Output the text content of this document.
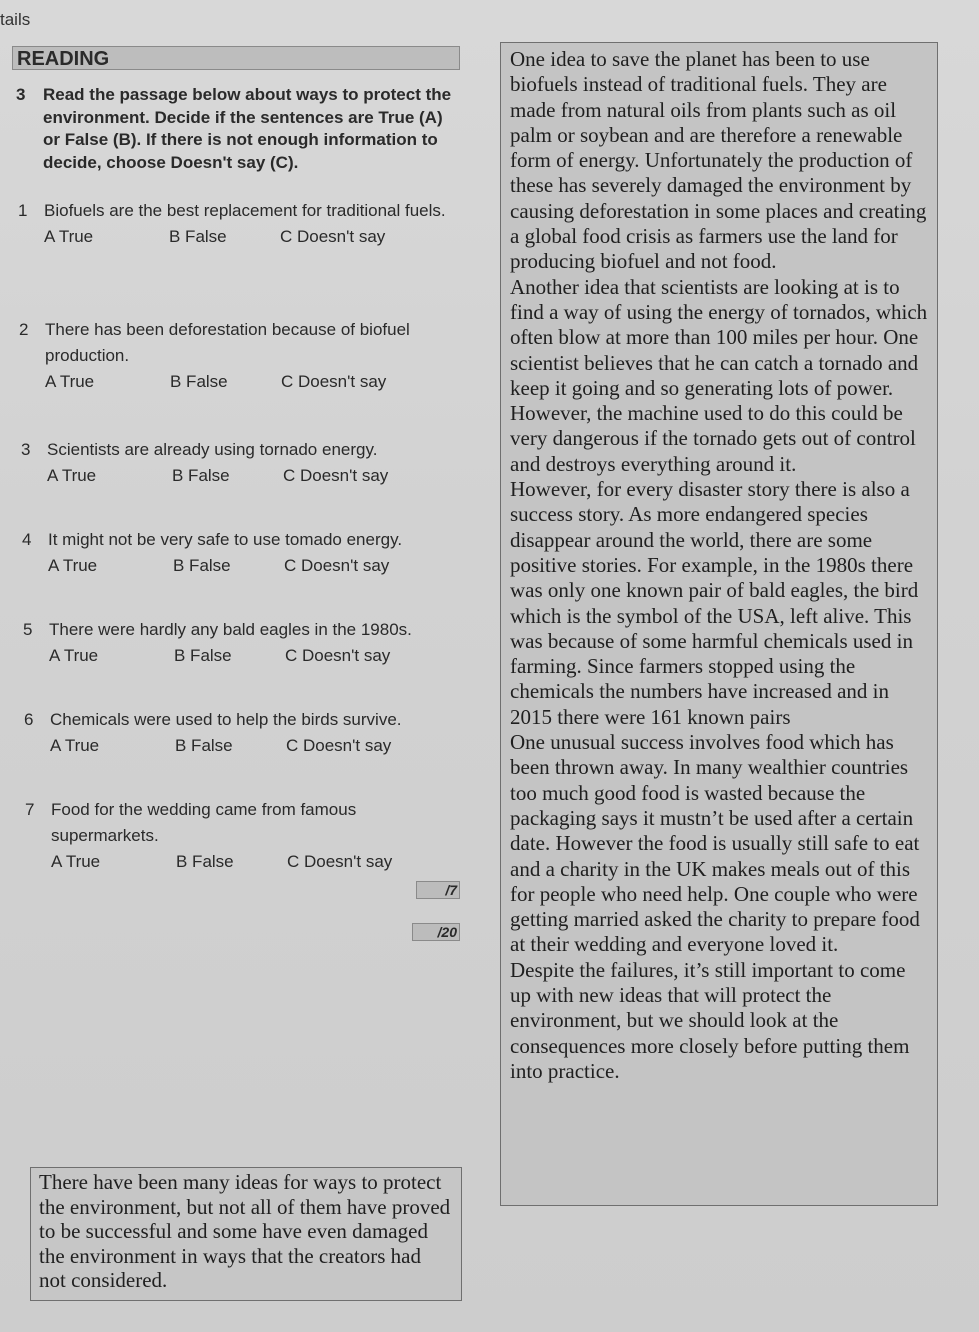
tails
READING
3 Read the passage below about ways to protect the environment. Decide if the sentences are True (A) or False (B). If there is not enough information to decide, choose Doesn't say (C).
1 Biofuels are the best replacement for traditional fuels.
A True	B False	C Doesn't say
2 There has been deforestation because of biofuel production.
A True	B False	C Doesn't say
3 Scientists are already using tornado energy.
A True	B False	C Doesn't say
4 It might not be very safe to use tomado energy.
A True	B False	C Doesn't say
5 There were hardly any bald eagles in the 1980s.
A True	B False	C Doesn't say
6 Chemicals were used to help the birds survive.
A True	B False	C Doesn't say
7 Food for the wedding came from famous supermarkets.
A True	B False	C Doesn't say
/7
/20

One idea to save the planet has been to use biofuels instead of traditional fuels. They are made from natural oils from plants such as oil palm or soybean and are therefore a renewable form of energy. Unfortunately the production of these has severely damaged the environment by causing deforestation in some places and creating a global food crisis as farmers use the land for producing biofuel and not food.

Another idea that scientists are looking at is to find a way of using the energy of tornados, which often blow at more than 100 miles per hour. One scientist believes that he can catch a tornado and keep it going and so generating lots of power. However, the machine used to do this could be very dangerous if the tornado gets out of control and destroys everything around it.

However, for every disaster story there is also a success story. As more endangered species disappear around the world, there are some positive stories. For example, in the 1980s there was only one known pair of bald eagles, the bird which is the symbol of the USA, left alive. This was because of some harmful chemicals used in farming. Since farmers stopped using the chemicals the numbers have increased and in 2015 there were 161 known pairs

One unusual success involves food which has been thrown away. In many wealthier countries too much good food is wasted because the packaging says it mustn’t be used after a certain date. However the food is usually still safe to eat and a charity in the UK makes meals out of this for people who need help. One couple who were getting married asked the charity to prepare food at their wedding and everyone loved it.

Despite the failures, it’s still important to come up with new ideas that will protect the environment, but we should look at the consequences more closely before putting them into practice.

There have been many ideas for ways to protect the environment, but not all of them have proved to be successful and some have even damaged the environment in ways that the creators had not considered.
